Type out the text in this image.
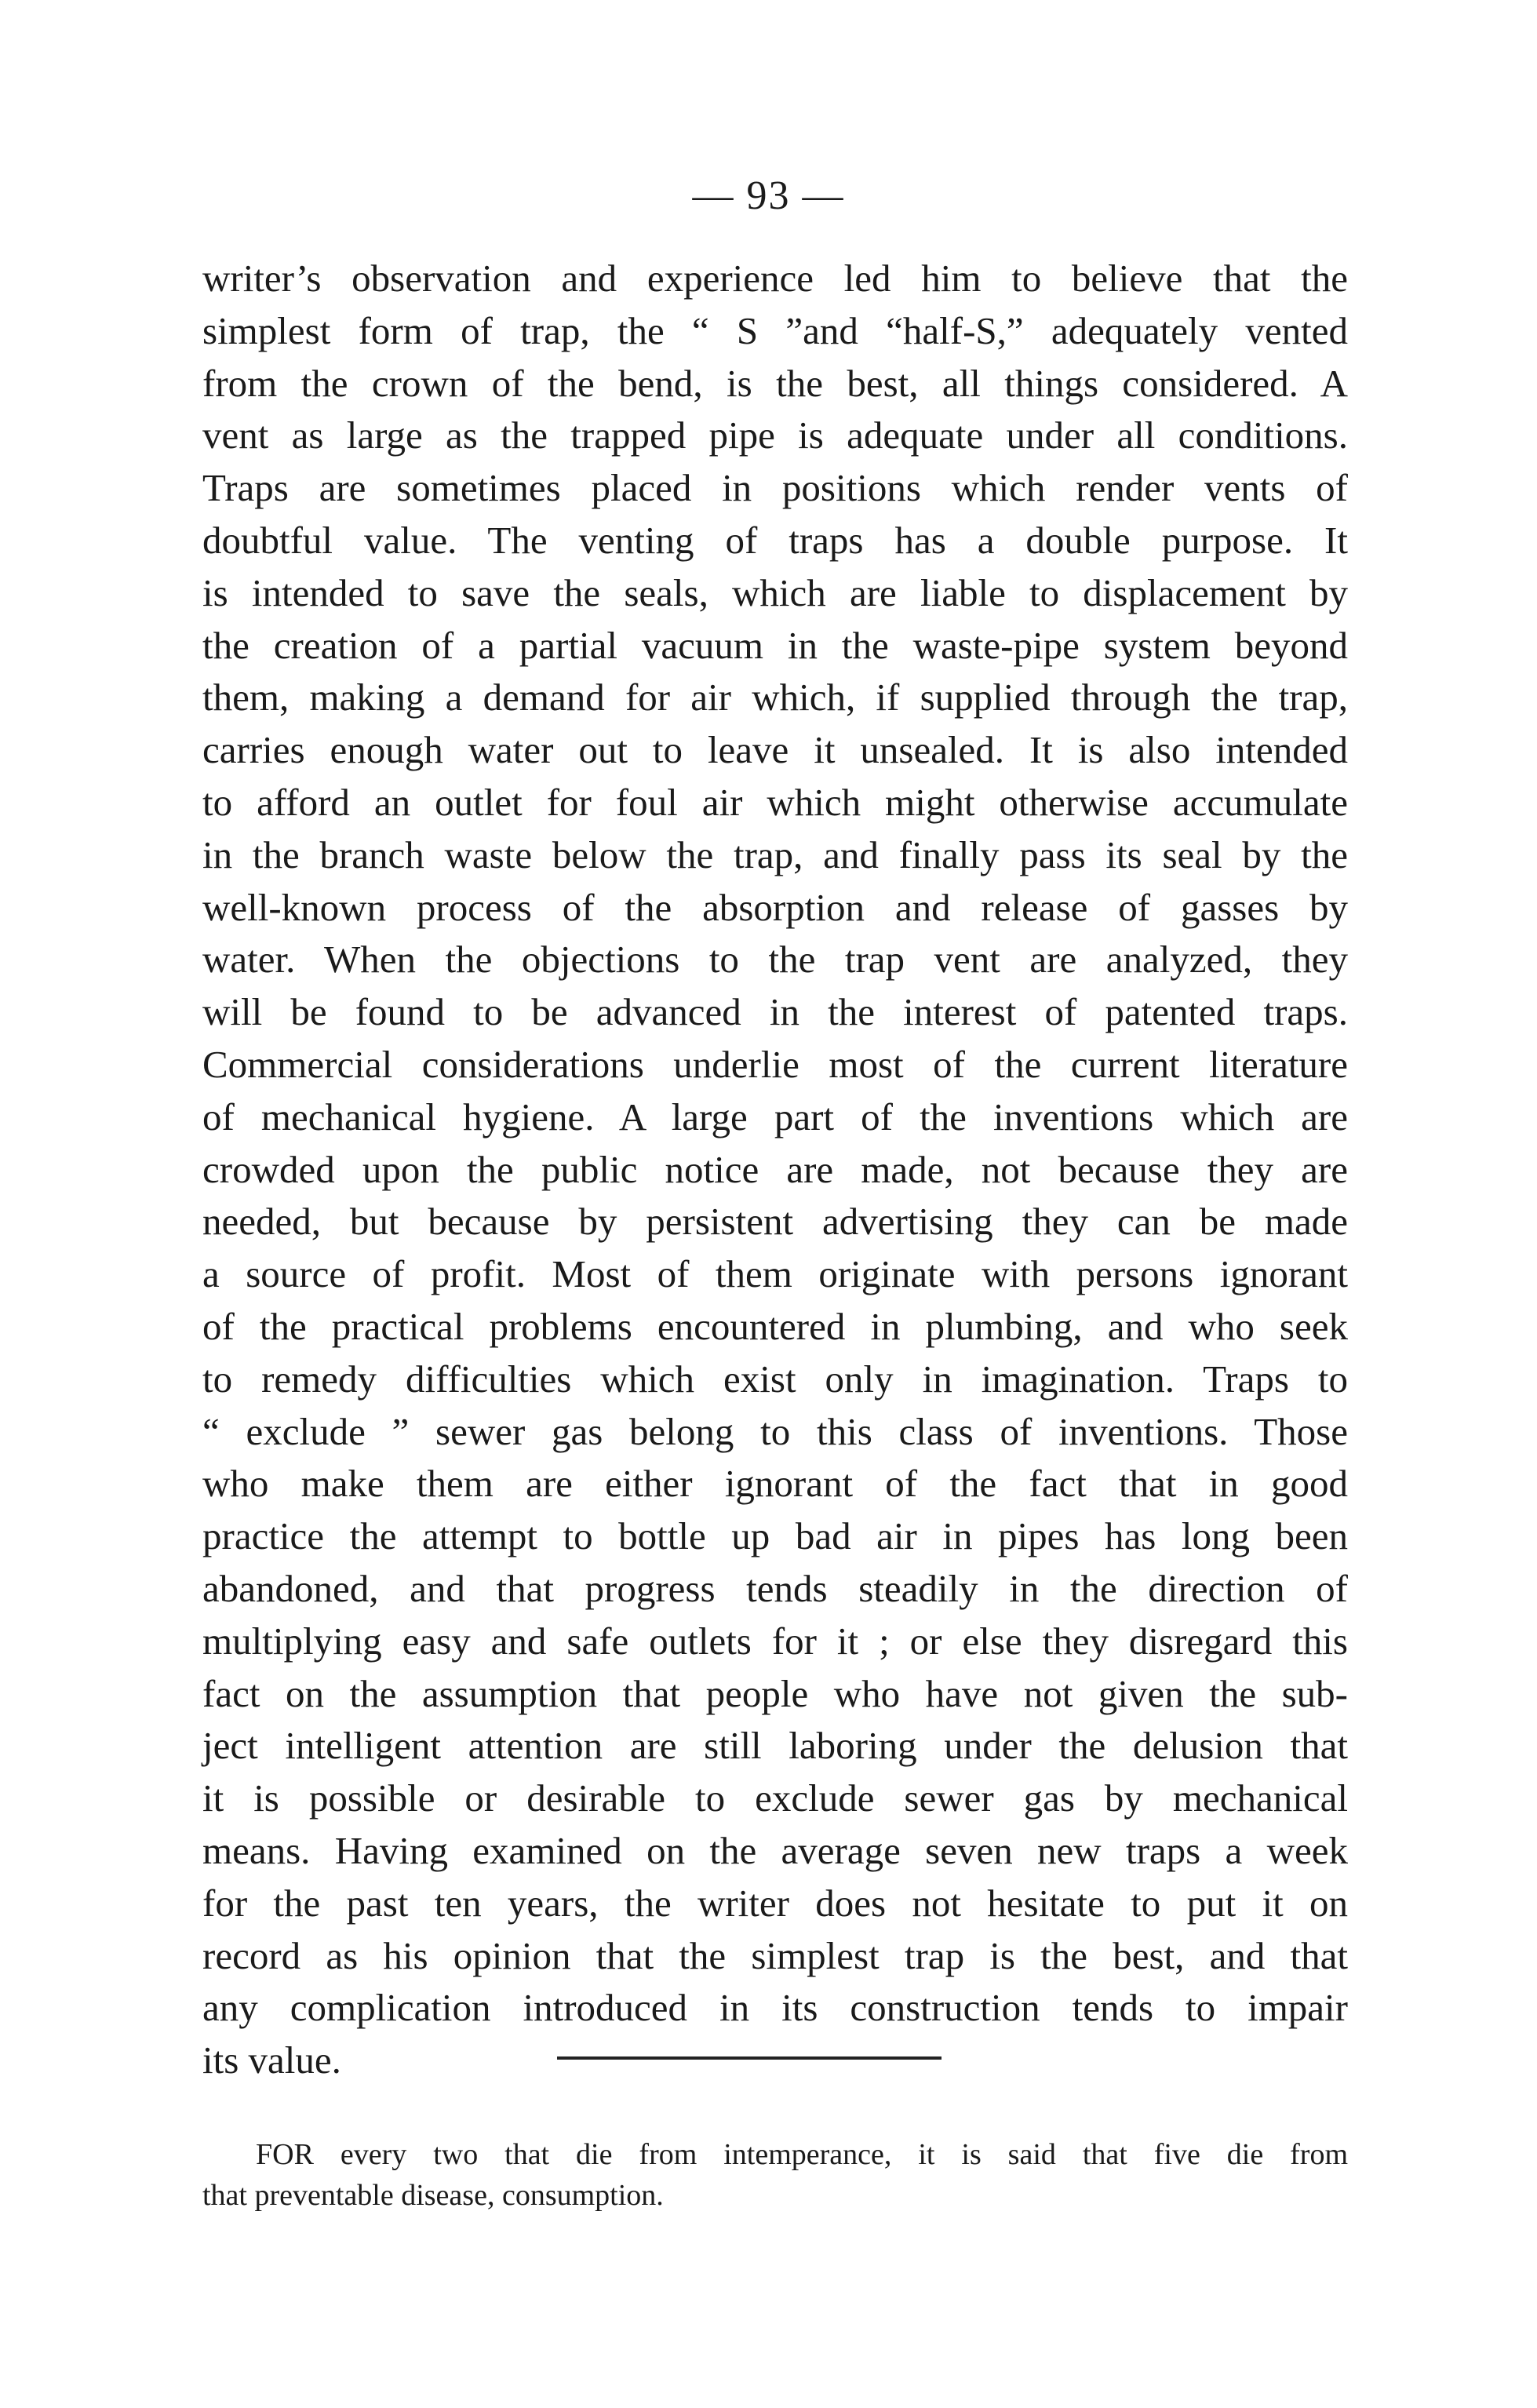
— 93 —

writer’s observation and experience led him to believe that the
simplest form of trap, the “ S ”and “half-S,” adequately vented
from the crown of the bend, is the best, all things considered. A
vent as large as the trapped pipe is adequate under all conditions.
Traps are sometimes placed in positions which render vents of
doubtful value. The venting of traps has a double purpose. It
is intended to save the seals, which are liable to displacement by
the creation of a partial vacuum in the waste-pipe system beyond
them, making a demand for air which, if supplied through the trap,
carries enough water out to leave it unsealed. It is also intended
to afford an outlet for foul air which might otherwise accumulate
in the branch waste below the trap, and finally pass its seal by the
well-known process of the absorption and release of gasses by
water. When the objections to the trap vent are analyzed, they
will be found to be advanced in the interest of patented traps.
Commercial considerations underlie most of the current literature
of mechanical hygiene. A large part of the inventions which are
crowded upon the public notice are made, not because they are
needed, but because by persistent advertising they can be made
a source of profit. Most of them originate with persons ignorant
of the practical problems encountered in plumbing, and who seek
to remedy difficulties which exist only in imagination. Traps to
“ exclude ” sewer gas belong to this class of inventions. Those
who make them are either ignorant of the fact that in good
practice the attempt to bottle up bad air in pipes has long been
abandoned, and that progress tends steadily in the direction of
multiplying easy and safe outlets for it ; or else they disregard this
fact on the assumption that people who have not given the sub-
ject intelligent attention are still laboring under the delusion that
it is possible or desirable to exclude sewer gas by mechanical
means. Having examined on the average seven new traps a week
for the past ten years, the writer does not hesitate to put it on
record as his opinion that the simplest trap is the best, and that
any complication introduced in its construction tends to impair
its value.

FOR every two that die from intemperance, it is said that five die from
that preventable disease, consumption.
